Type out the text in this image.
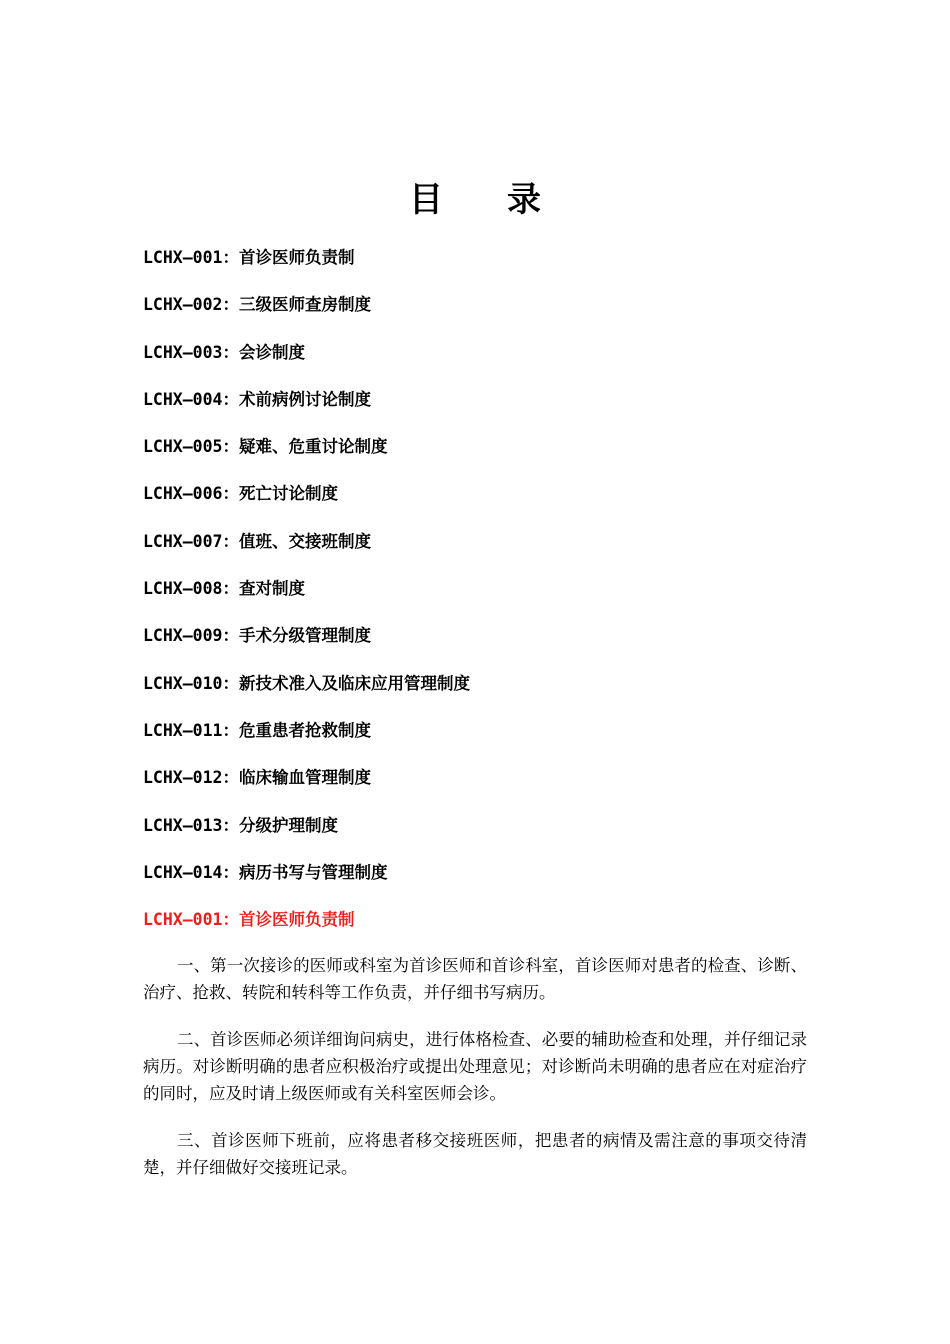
目录
LCHX—001：首诊医师负责制
LCHX—002：三级医师查房制度
LCHX—003：会诊制度
LCHX—004：术前病例讨论制度
LCHX—005：疑难、危重讨论制度
LCHX—006：死亡讨论制度
LCHX—007：值班、交接班制度
LCHX—008：查对制度
LCHX—009：手术分级管理制度
LCHX—010：新技术准入及临床应用管理制度
LCHX—011：危重患者抢救制度
LCHX—012：临床输血管理制度
LCHX—013：分级护理制度
LCHX—014：病历书写与管理制度
LCHX—001：首诊医师负责制

一、第一次接诊的医师或科室为首诊医师和首诊科室，首诊医师对患者的检查、诊断、治疗、抢救、转院和转科等工作负责，并仔细书写病历。

二、首诊医师必须详细询问病史，进行体格检查、必要的辅助检查和处理，并仔细记录病历。对诊断明确的患者应积极治疗或提出处理意见；对诊断尚未明确的患者应在对症治疗的同时，应及时请上级医师或有关科室医师会诊。

三、首诊医师下班前，应将患者移交接班医师，把患者的病情及需注意的事项交待清楚，并仔细做好交接班记录。
